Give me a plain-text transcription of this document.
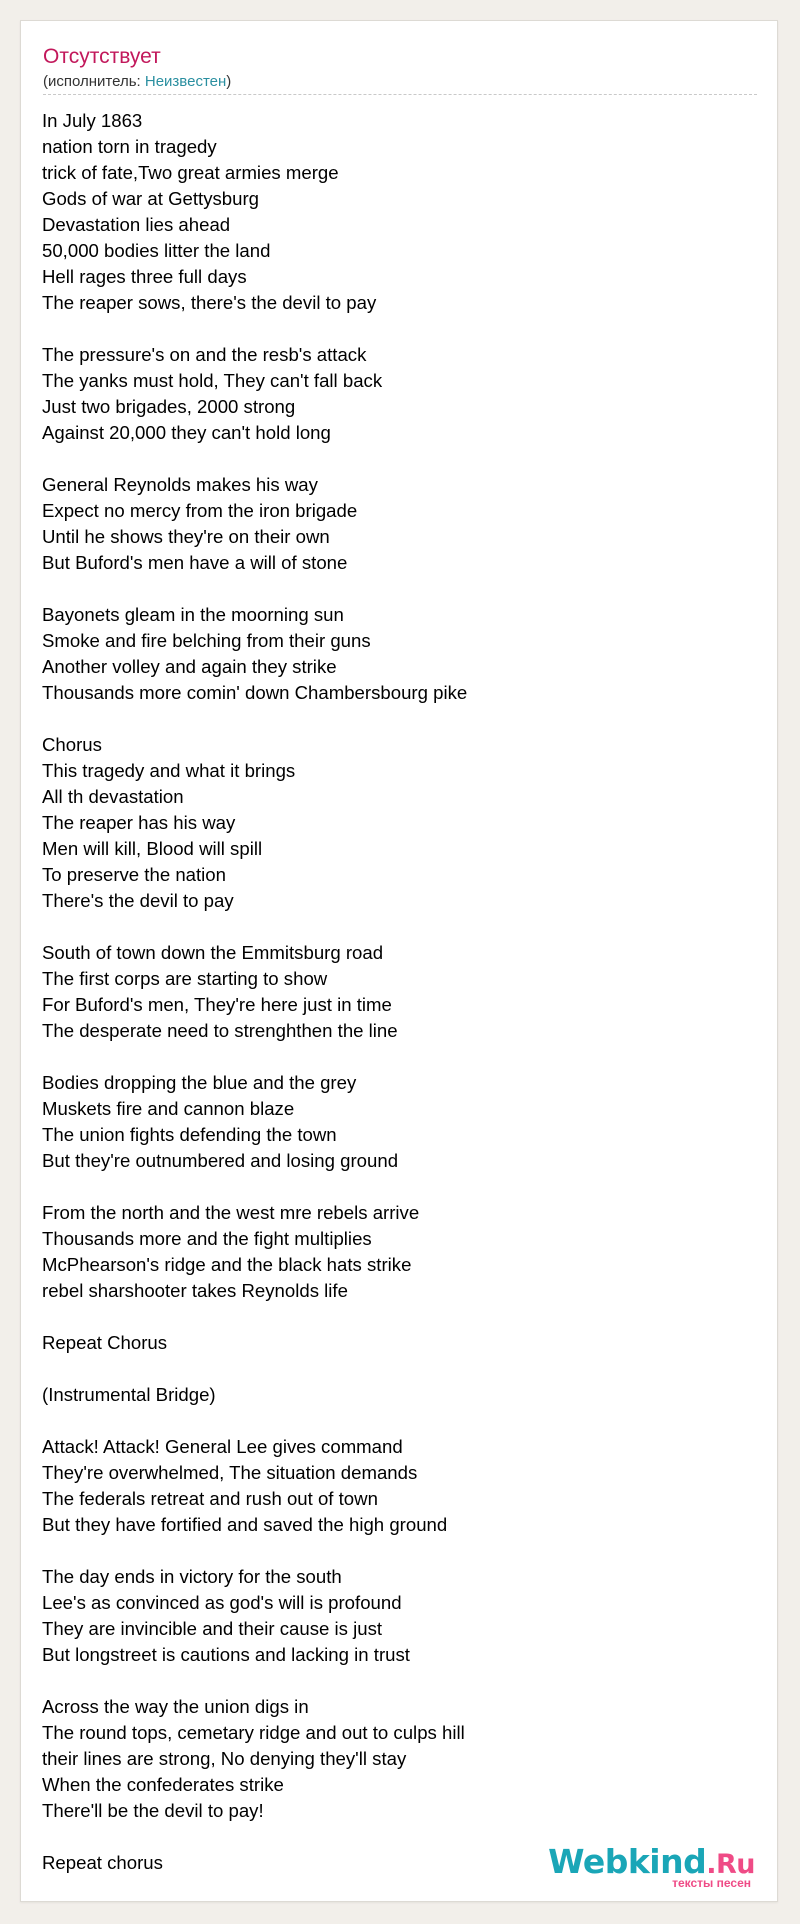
Отсутствует
(исполнитель: Неизвестен)
In July 1863
nation torn in tragedy
trick of fate,Two great armies merge
Gods of war at Gettysburg
Devastation lies ahead
50,000 bodies litter the land
Hell rages three full days
The reaper sows, there's the devil to pay
The pressure's on and the resb's attack
The yanks must hold, They can't fall back
Just two brigades, 2000 strong
Against 20,000 they can't hold long
General Reynolds makes his way
Expect no mercy from the iron brigade
Until he shows they're on their own
But Buford's men have a will of stone
Bayonets gleam in the moorning sun
Smoke and fire belching from their guns
Another volley and again they strike
Thousands more comin' down Chambersbourg pike
Chorus
This tragedy and what it brings
All th devastation
The reaper has his way
Men will kill, Blood will spill
To preserve the nation
There's the devil to pay
South of town down the Emmitsburg road
The first corps are starting to show
For Buford's men, They're here just in time
The desperate need to strenghthen the line
Bodies dropping the blue and the grey
Muskets fire and cannon blaze
The union fights defending the town
But they're outnumbered and losing ground
From the north and the west mre rebels arrive
Thousands more and the fight multiplies
McPhearson's ridge and the black hats strike
rebel sharshooter takes Reynolds life
Repeat Chorus
(Instrumental Bridge)
Attack! Attack! General Lee gives command
They're overwhelmed, The situation demands
The federals retreat and rush out of town
But they have fortified and saved the high ground
The day ends in victory for the south
Lee's as convinced as god's will is profound
They are invincible and their cause is just
But longstreet is cautions and lacking in trust
Across the way the union digs in
The round tops, cemetary ridge and out to culps hill
their lines are strong, No denying they'll stay
When the confederates strike
There'll be the devil to pay!
Repeat chorus	Webkind.Ru
тексты песен
